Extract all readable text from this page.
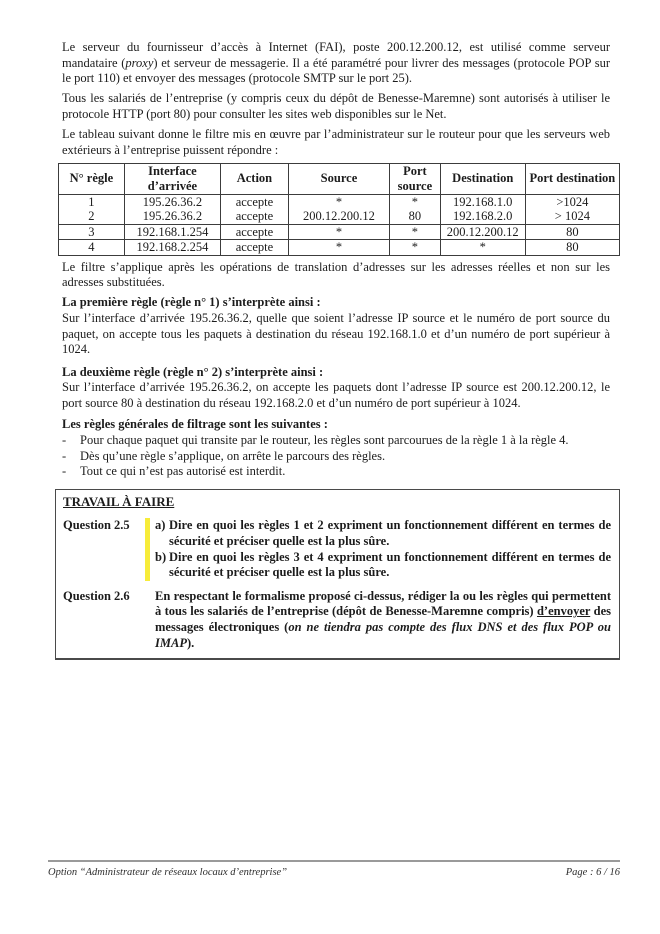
Le serveur du fournisseur d’accès à Internet (FAI), poste 200.12.200.12, est utilisé comme serveur mandataire (proxy) et serveur de messagerie. Il a été paramétré pour livrer des messages (protocole POP sur le port 110) et envoyer des messages (protocole SMTP sur le port 25).

Tous les salariés de l’entreprise (y compris ceux du dépôt de Benesse-Maremne) sont autorisés à utiliser le protocole HTTP (port 80) pour consulter les sites web disponibles sur le Net.

Le tableau suivant donne le filtre mis en œuvre par l’administrateur sur le routeur pour que les serveurs web extérieurs à l’entreprise puissent répondre :

N° règle	Interface d’arrivée	Action	Source	Port source	Destination	Port destination
1	195.26.36.2	accepte	*	*	192.168.1.0	>1024
2	195.26.36.2	accepte	200.12.200.12	80	192.168.2.0	> 1024
3	192.168.1.254	accepte	*	*	200.12.200.12	80
4	192.168.2.254	accepte	*	*	*	80

Le filtre s’applique après les opérations de translation d’adresses sur les adresses réelles et non sur les adresses substituées.

La première règle (règle n° 1) s’interprète ainsi :

Sur l’interface d’arrivée 195.26.36.2, quelle que soient l’adresse IP source et le numéro de port source du paquet, on accepte tous les paquets à destination du réseau 192.168.1.0 et d’un numéro de port supérieur à 1024.

La deuxième règle (règle n° 2) s’interprète ainsi :

Sur l’interface d’arrivée 195.26.36.2, on accepte les paquets dont l’adresse IP source est 200.12.200.12, le port source 80 à destination du réseau 192.168.2.0 et d’un numéro de port supérieur à 1024.

Les règles générales de filtrage sont les suivantes :

-	Pour chaque paquet qui transite par le routeur, les règles sont parcourues de la règle 1 à la règle 4.
-	Dès qu’une règle s’applique, on arrête le parcours des règles.
-	Tout ce qui n’est pas autorisé est interdit.
TRAVAIL À FAIRE
Question 2.5	a) Dire en quoi les règles 1 et 2 expriment un fonctionnement différent en termes de sécurité et préciser quelle est la plus sûre.
b) Dire en quoi les règles 3 et 4 expriment un fonctionnement différent en termes de sécurité et préciser quelle est la plus sûre.
Question 2.6	En respectant le formalisme proposé ci-dessus, rédiger la ou les règles qui permettent à tous les salariés de l’entreprise (dépôt de Benesse-Maremne compris) d’envoyer des messages électroniques (on ne tiendra pas compte des flux DNS et des flux POP ou IMAP).
Option “Administrateur de réseaux locaux d’entreprise”	Page : 6 / 16
